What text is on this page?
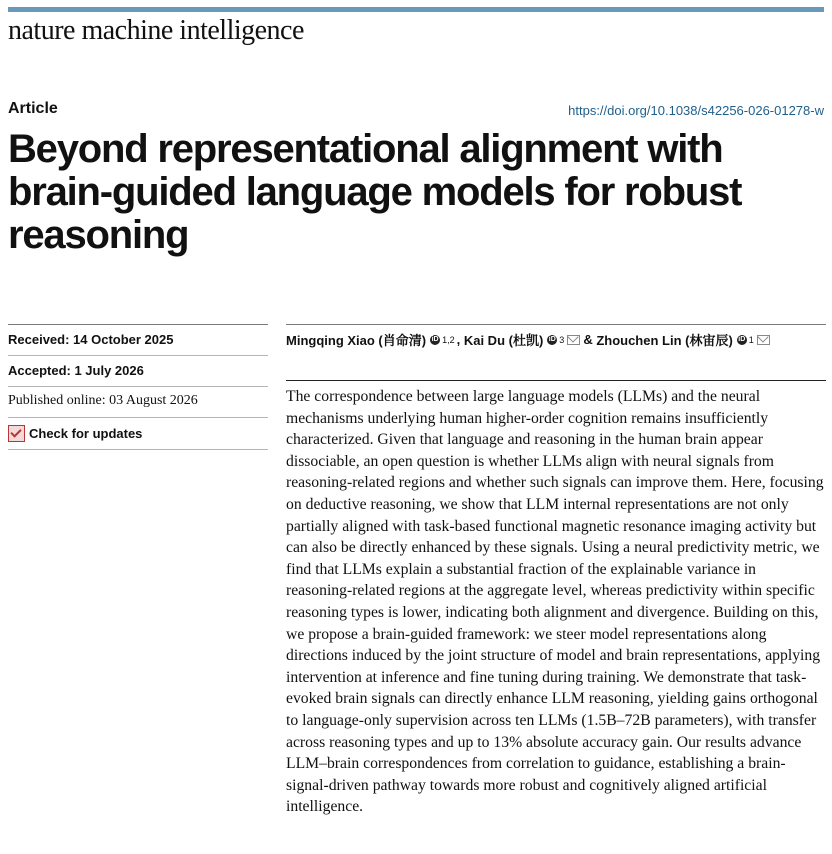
nature machine intelligence
Article	https://doi.org/10.1038/s42256-026-01278-w
Beyond representational alignment with brain-guided language models for robust reasoning
Received: 14 October 2025
Accepted: 1 July 2026
Published online: 03 August 2026
Check for updates
Mingqing Xiao (肖命清) iD 1,2 , Kai Du (杜凯) iD 3 & Zhouchen Lin (林宙辰) iD 1

The correspondence between large language models (LLMs) and the neural mechanisms underlying human higher-order cognition remains insufficiently characterized. Given that language and reasoning in the human brain appear dissociable, an open question is whether LLMs align with neural signals from reasoning-related regions and whether such signals can improve them. Here, focusing on deductive reasoning, we show that LLM internal representations are not only partially aligned with task-based functional magnetic resonance imaging activity but can also be directly enhanced by these signals. Using a neural predictivity metric, we find that LLMs explain a substantial fraction of the explainable variance in reasoning-related regions at the aggregate level, whereas predictivity within specific reasoning types is lower, indicating both alignment and divergence. Building on this, we propose a brain-guided framework: we steer model representations along directions induced by the joint structure of model and brain representations, applying intervention at inference and fine tuning during training. We demonstrate that task-evoked brain signals can directly enhance LLM reasoning, yielding gains orthogonal to language-only supervision across ten LLMs (1.5B–72B parameters), with transfer across reasoning types and up to 13% absolute accuracy gain. Our results advance LLM–brain correspondences from correlation to guidance, establishing a brain-signal-driven pathway towards more robust and cognitively aligned artificial intelligence.
